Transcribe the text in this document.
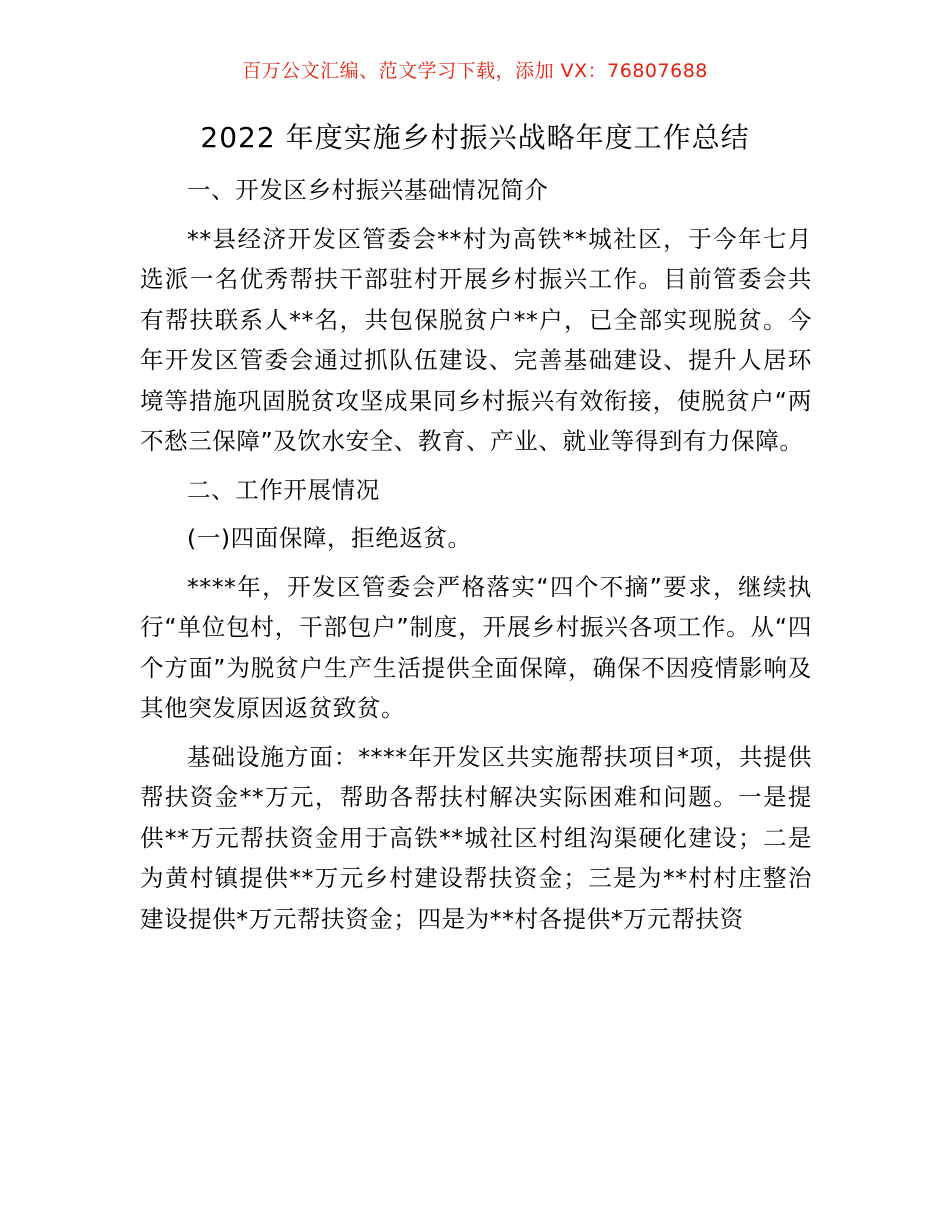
百万公文汇编、范文学习下载，添加 VX：76807688
2022 年度实施乡村振兴战略年度工作总结

一、开发区乡村振兴基础情况简介

**县经济开发区管委会**村为高铁**城社区，于今年七月选派一名优秀帮扶干部驻村开展乡村振兴工作。目前管委会共有帮扶联系人**名，共包保脱贫户**户，已全部实现脱贫。今年开发区管委会通过抓队伍建设、完善基础建设、提升人居环境等措施巩固脱贫攻坚成果同乡村振兴有效衔接，使脱贫户“两不愁三保障”及饮水安全、教育、产业、就业等得到有力保障。

二、工作开展情况

(一)四面保障，拒绝返贫。

****年，开发区管委会严格落实“四个不摘”要求，继续执行“单位包村，干部包户”制度，开展乡村振兴各项工作。从“四个方面”为脱贫户生产生活提供全面保障，确保不因疫情影响及其他突发原因返贫致贫。

基础设施方面：****年开发区共实施帮扶项目*项，共提供帮扶资金**万元，帮助各帮扶村解决实际困难和问题。一是提供**万元帮扶资金用于高铁**城社区村组沟渠硬化建设；二是为黄村镇提供**万元乡村建设帮扶资金；三是为**村村庄整治建设提供*万元帮扶资金；四是为**村各提供*万元帮扶资
